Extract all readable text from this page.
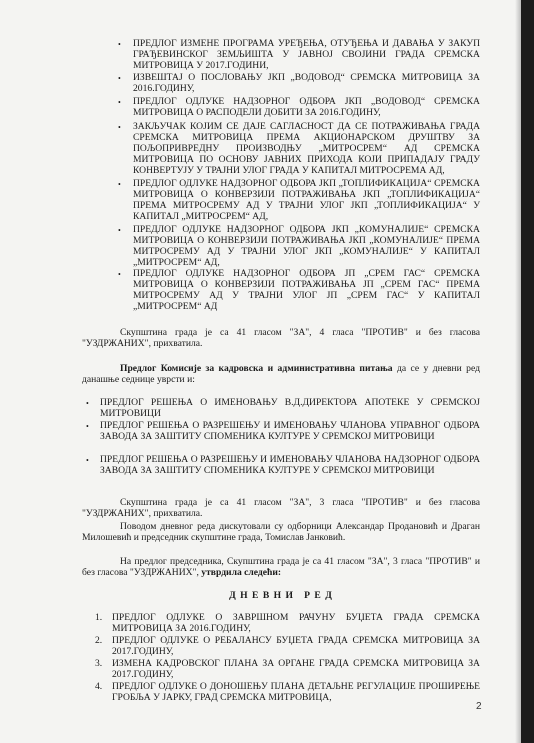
• ПРЕДЛОГ ИЗМЕНЕ ПРОГРАМА УРЕЂЕЊА, ОТУЂЕЊА И ДАВАЊА У ЗАКУП ГРАЂЕВИНСКОГ ЗЕМЉИШТА У ЈАВНОЈ СВОЈИНИ ГРАДА СРЕМСКА МИТРОВИЦА У 2017.ГОДИНИ,
• ИЗВЕШТАЈ О ПОСЛОВАЊУ ЈКП „ВОДОВОД“ СРЕМСКА МИТРОВИЦА ЗА 2016.ГОДИНУ,
• ПРЕДЛОГ ОДЛУКЕ НАДЗОРНОГ ОДБОРА ЈКП „ВОДОВОД“ СРЕМСКА МИТРОВИЦА О РАСПОДЕЛИ ДОБИТИ ЗА 2016.ГОДИНУ,
• ЗАКЉУЧАК КОЈИМ СЕ ДАЈЕ САГЛАСНОСТ ДА СЕ ПОТРАЖИВАЊА ГРАДА СРЕМСКА МИТРОВИЦА ПРЕМА АКЦИОНАРСКОМ ДРУШТВУ ЗА ПОЉОПРИВРЕДНУ ПРОИЗВОДЊУ „МИТРОСРЕМ“ АД СРЕМСКА МИТРОВИЦА ПО ОСНОВУ ЈАВНИХ ПРИХОДА КОЈИ ПРИПАДАЈУ ГРАДУ КОНВЕРТУЈУ У ТРАЈНИ УЛОГ ГРАДА У КАПИТАЛ МИТРОСРЕМА АД,
• ПРЕДЛОГ ОДЛУКЕ НАДЗОРНОГ ОДБОРА ЈКП „ТОПЛИФИКАЦИЈА“ СРЕМСКА МИТРОВИЦА О КОНВЕРЗИЈИ ПОТРАЖИВАЊА ЈКП „ТОПЛИФИКАЦИЈА“ ПРЕМА МИТРОСРЕМУ АД У ТРАЈНИ УЛОГ ЈКП „ТОПЛИФИКАЦИЈА“ У КАПИТАЛ „МИТРОСРЕМ“ АД,
• ПРЕДЛОГ ОДЛУКЕ НАДЗОРНОГ ОДБОРА ЈКП „КОМУНАЛИЈЕ“ СРЕМСКА МИТРОВИЦА О КОНВЕРЗИЈИ ПОТРАЖИВАЊА ЈКП „КОМУНАЛИЈЕ“ ПРЕМА МИТРОСРЕМУ АД У ТРАЈНИ УЛОГ ЈКП „КОМУНАЛИЈЕ“ У КАПИТАЛ „МИТРОСРЕМ“ АД,
• ПРЕДЛОГ ОДЛУКЕ НАДЗОРНОГ ОДБОРА ЈП „СРЕМ ГАС“ СРЕМСКА МИТРОВИЦА О КОНВЕРЗИЈИ ПОТРАЖИВАЊА ЈП „СРЕМ ГАС“ ПРЕМА МИТРОСРЕМУ АД У ТРАЈНИ УЛОГ ЈП „СРЕМ ГАС“ У КАПИТАЛ „МИТРОСРЕМ“ АД
Скупштина града је са 41 гласом "ЗА", 4 гласа "ПРОТИВ" и без гласова "УЗДРЖАНИХ", прихватила.
Предлог Комисије за кадровска и административна питања да се у дневни ред данашње седнице уврсти и:
• ПРЕДЛОГ РЕШЕЊА О ИМЕНОВАЊУ В.Д.ДИРЕКТОРА АПОТЕКЕ У СРЕМСКОЈ МИТРОВИЦИ
• ПРЕДЛОГ РЕШЕЊА О РАЗРЕШЕЊУ И ИМЕНОВАЊУ ЧЛАНОВА УПРАВНОГ ОДБОРА ЗАВОДА ЗА ЗАШТИТУ СПОМЕНИКА КУЛТУРЕ У СРЕМСКОЈ МИТРОВИЦИ
• ПРЕДЛОГ РЕШЕЊА О РАЗРЕШЕЊУ И ИМЕНОВАЊУ ЧЛАНОВА НАДЗОРНОГ ОДБОРА ЗАВОДА ЗА ЗАШТИТУ СПОМЕНИКА КУЛТУРЕ У СРЕМСКОЈ МИТРОВИЦИ
Скупштина града је са 41 гласом "ЗА", 3 гласа "ПРОТИВ" и без гласова "УЗДРЖАНИХ", прихватила.
Поводом дневног реда дискутовали су одборници Александар Продановић и Драган Милошевић и председник скупштине града, Томислав Јанковић.
На предлог председника, Скупштина града је са 41 гласом "ЗА", 3 гласа "ПРОТИВ" и без гласова "УЗДРЖАНИХ", утврдила следећи:
Д Н Е В Н И   Р Е Д
1. ПРЕДЛОГ ОДЛУКЕ О ЗАВРШНОМ РАЧУНУ БУЏЕТА ГРАДА СРЕМСКА МИТРОВИЦА ЗА 2016.ГОДИНУ,
2. ПРЕДЛОГ ОДЛУКЕ О РЕБАЛАНСУ БУЏЕТА ГРАДА СРЕМСКА МИТРОВИЦА ЗА 2017.ГОДИНУ,
3. ИЗМЕНА КАДРОВСКОГ ПЛАНА ЗА ОРГАНЕ ГРАДА СРЕМСКА МИТРОВИЦА ЗА 2017.ГОДИНУ,
4. ПРЕДЛОГ ОДЛУКЕ О ДОНОШЕЊУ ПЛАНА ДЕТАЉНЕ РЕГУЛАЦИЈЕ ПРОШИРЕЊЕ ГРОБЉА У ЈАРКУ, ГРАД СРЕМСКА МИТРОВИЦА,
2
